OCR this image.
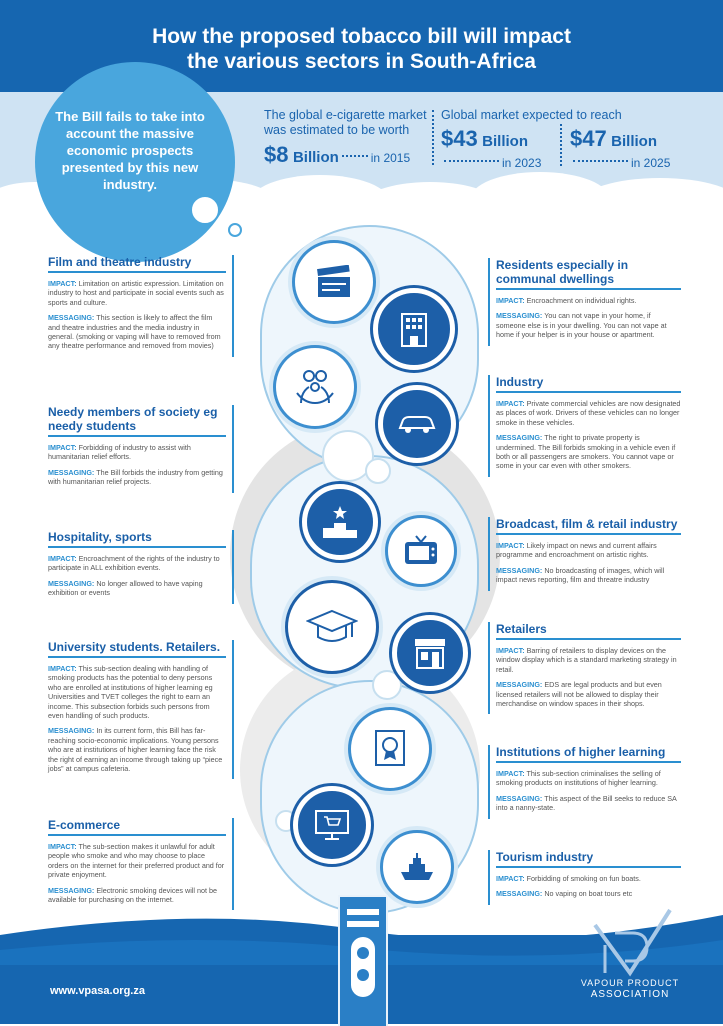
How the proposed tobacco bill will impact
the various sectors in South-Africa
The Bill fails to take into account the massive economic prospects presented by this new industry.
The global e-cigarette market
was estimated to be worth
$8 Billion	in 2015
Global market expected to reach
$43 Billion
in 2023
$47 Billion
in 2025
Film and theatre industry

IMPACT: Limitation on artistic expression. Limitation on industry to host and participate in social events such as sports and culture.

MESSAGING: This section is likely to affect the film and theatre industries and the media industry in general. (smoking or vaping will have to removed from any theatre performance and removed from movies)

Needy members of society eg needy students

IMPACT: Forbidding of industry to assist with humanitarian relief efforts.

MESSAGING: The Bill forbids the industry from getting with humanitarian relief projects.

Hospitality, sports

IMPACT: Encroachment of the rights of the industry to participate in ALL exhibition events.

MESSAGING: No longer allowed to have vaping exhibition or events

University students. Retailers.

IMPACT: This sub-section dealing with handling of smoking products has the potential to deny persons who are enrolled at institutions of higher learning eg Universities and TVET colleges the right to earn an income. This subsection forbids such persons from even handling of such products.

MESSAGING: In its current form, this Bill has far-reaching socio-economic implications. Young persons who are at institutions of higher learning face the risk the right of earning an income through taking up “piece jobs” at campus cafeteria.

E-commerce

IMPACT: The sub-section makes it unlawful for adult people who smoke and who may choose to place orders on the internet for their preferred product and for private enjoyment.

MESSAGING: Electronic smoking devices will not be available for purchasing on the internet.

Residents especially in communal dwellings

IMPACT: Encroachment on individual rights.

MESSAGING: You can not vape in your home, if someone else is in your dwelling. You can not vape at home if your helper is in your house or apartment.

Industry

IMPACT: Private commercial vehicles are now designated as places of work. Drivers of these vehicles can no longer smoke in these vehicles.

MESSAGING: The right to private property is undermined. The Bill forbids smoking in a vehicle even if both or all passengers are smokers. You cannot vape or some in your car even with other smokers.

Broadcast, film & retail industry

IMPACT: Likely impact on news and current affairs programme and encroachment on artistic rights.

MESSAGING: No broadcasting of images, which will impact news reporting, film and threatre industry

Retailers

IMPACT: Barring of retailers to display devices on the window display which is a standard marketing strategy in retail.

MESSAGING: EDS are legal products and but even licensed retailers will not be allowed to display their merchandise on window spaces in their shops.

Institutions of higher learning

IMPACT: This sub-section criminalises the selling of smoking products on institutions of higher learning.

MESSAGING: This aspect of the Bill seeks to reduce SA into a nanny-state.

Tourism industry

IMPACT: Forbidding of smoking on fun boats.

MESSAGING: No vaping on boat tours etc

www.vpasa.org.za
VAPOUR PRODUCT
ASSOCIATION
